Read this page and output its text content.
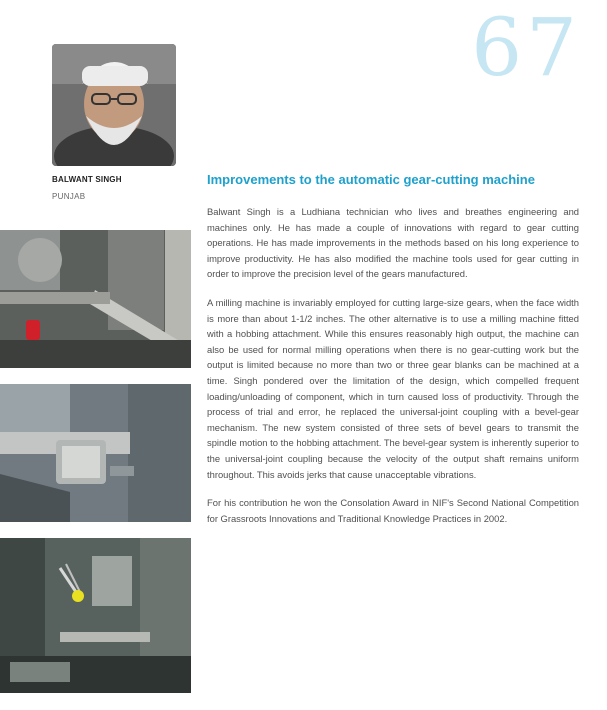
67
BALWANT SINGH
PUNJAB
Improvements to the automatic gear-cutting machine

Balwant Singh is a Ludhiana technician who lives and breathes engineering and machines only. He has made a couple of innovations with regard to gear cutting operations. He has made improvements in the methods based on his long experience to improve productivity. He has also modified the machine tools used for gear cutting in order to improve the precision level of the gears manufactured.

A milling machine is invariably employed for cutting large-size gears, when the face width is more than about 1-1/2 inches. The other alternative is to use a milling machine fitted with a hobbing attachment. While this ensures reasonably high output, the machine can also be used for normal milling operations when there is no gear-cutting work but the output is limited because no more than two or three gear blanks can be machined at a time. Singh pondered over the limitation of the design, which compelled frequent loading/unloading of component, which in turn caused loss of productivity. Through the process of trial and error, he replaced the universal-joint coupling with a bevel-gear mechanism. The new system consisted of three sets of bevel gears to transmit the spindle motion to the hobbing attachment. The bevel-gear system is inherently superior to the universal-joint coupling because the velocity of the output shaft remains uniform throughout. This avoids jerks that cause unacceptable vibrations.

For his contribution he won the Consolation Award in NIF's Second National Competition for Grassroots Innovations and Traditional Knowledge Practices in 2002.
